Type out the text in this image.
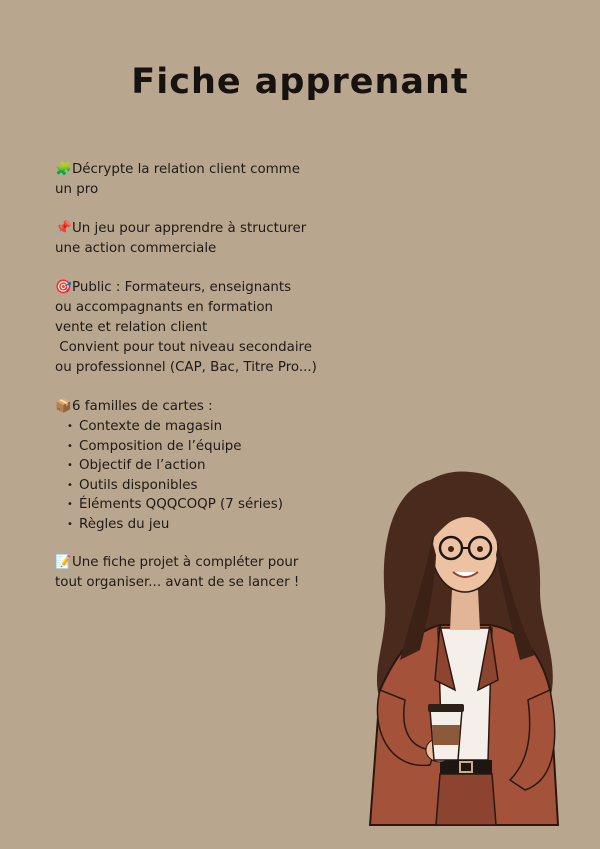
Fiche apprenant

🧩Décrypte la relation client comme
un pro

📌Un jeu pour apprendre à structurer
une action commerciale

🎯Public : Formateurs, enseignants
ou accompagnants en formation
vente et relation client
Convient pour tout niveau secondaire
ou professionnel (CAP, Bac, Titre Pro...)

📦6 familles de cartes :
• Contexte de magasin
• Composition de l’équipe
• Objectif de l’action
• Outils disponibles
• Éléments QQQCOQP (7 séries)
• Règles du jeu

📝Une fiche projet à compléter pour
tout organiser... avant de se lancer !
